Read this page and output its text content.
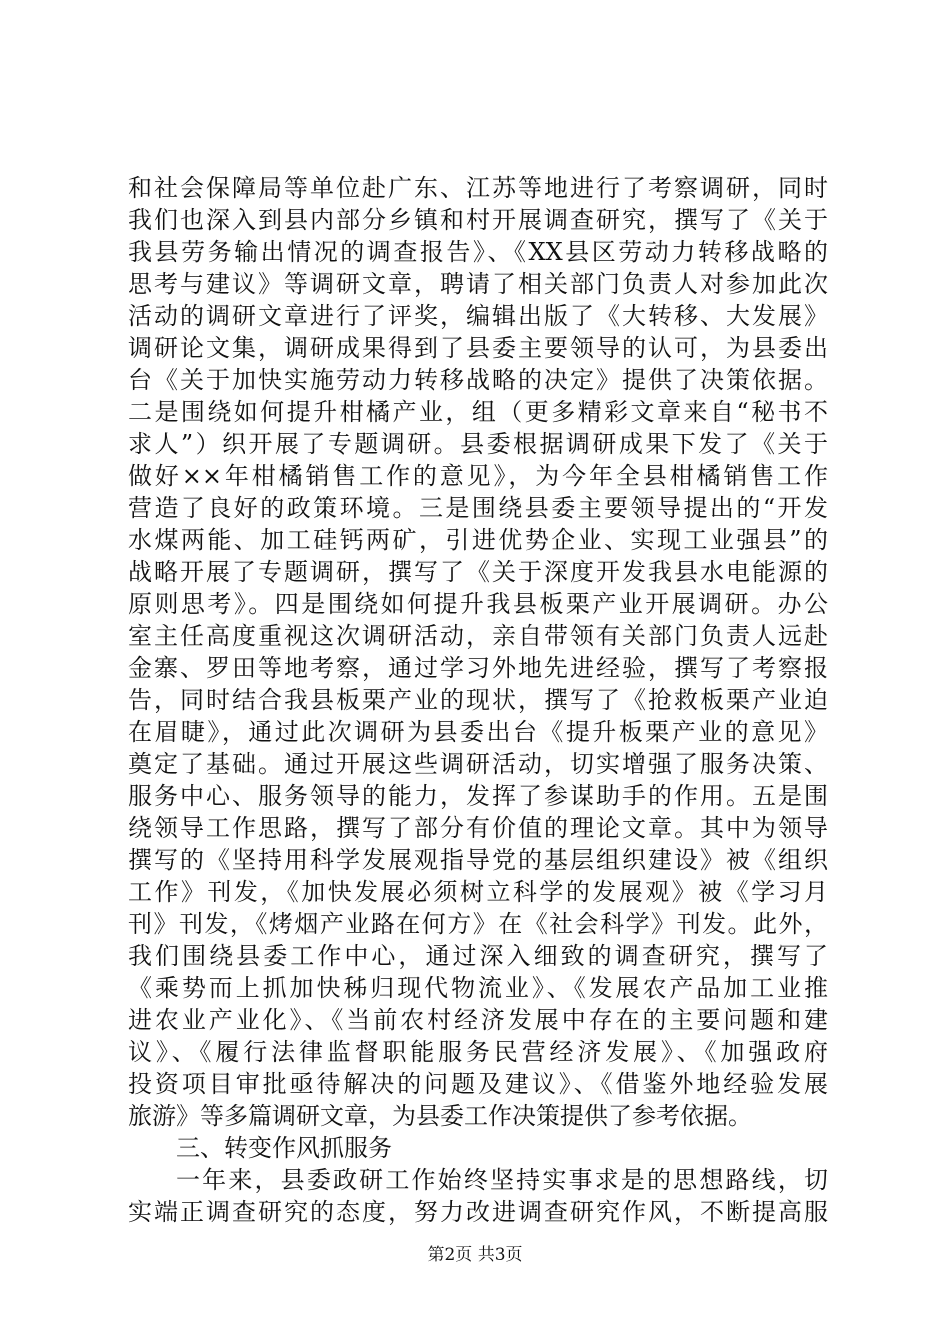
和社会保障局等单位赴广东、江苏等地进行了考察调研，同时
我们也深入到县内部分乡镇和村开展调查研究，撰写了《关于
我县劳务输出情况的调查报告》、《XX县区劳动力转移战略的
思考与建议》等调研文章，聘请了相关部门负责人对参加此次
活动的调研文章进行了评奖，编辑出版了《大转移、大发展》
调研论文集，调研成果得到了县委主要领导的认可，为县委出
台《关于加快实施劳动力转移战略的决定》提供了决策依据。
二是围绕如何提升柑橘产业，组（更多精彩文章来自“秘书不
求人”）织开展了专题调研。县委根据调研成果下发了《关于
做好××年柑橘销售工作的意见》，为今年全县柑橘销售工作
营造了良好的政策环境。三是围绕县委主要领导提出的“开发
水煤两能、加工硅钙两矿，引进优势企业、实现工业强县”的
战略开展了专题调研，撰写了《关于深度开发我县水电能源的
原则思考》。四是围绕如何提升我县板栗产业开展调研。办公
室主任高度重视这次调研活动，亲自带领有关部门负责人远赴
金寨、罗田等地考察，通过学习外地先进经验，撰写了考察报
告，同时结合我县板栗产业的现状，撰写了《抢救板栗产业迫
在眉睫》，通过此次调研为县委出台《提升板栗产业的意见》
奠定了基础。通过开展这些调研活动，切实增强了服务决策、
服务中心、服务领导的能力，发挥了参谋助手的作用。五是围
绕领导工作思路，撰写了部分有价值的理论文章。其中为领导
撰写的《坚持用科学发展观指导党的基层组织建设》被《组织
工作》刊发，《加快发展必须树立科学的发展观》被《学习月
刊》刊发，《烤烟产业路在何方》在《社会科学》刊发。此外，
我们围绕县委工作中心，通过深入细致的调查研究，撰写了
《乘势而上抓加快秭归现代物流业》、《发展农产品加工业推
进农业产业化》、《当前农村经济发展中存在的主要问题和建
议》、《履行法律监督职能服务民营经济发展》、《加强政府
投资项目审批亟待解决的问题及建议》、《借鉴外地经验发展
旅游》等多篇调研文章，为县委工作决策提供了参考依据。
三、转变作风抓服务
一年来，县委政研工作始终坚持实事求是的思想路线，切
实端正调查研究的态度，努力改进调查研究作风，不断提高服
第2页 共3页
